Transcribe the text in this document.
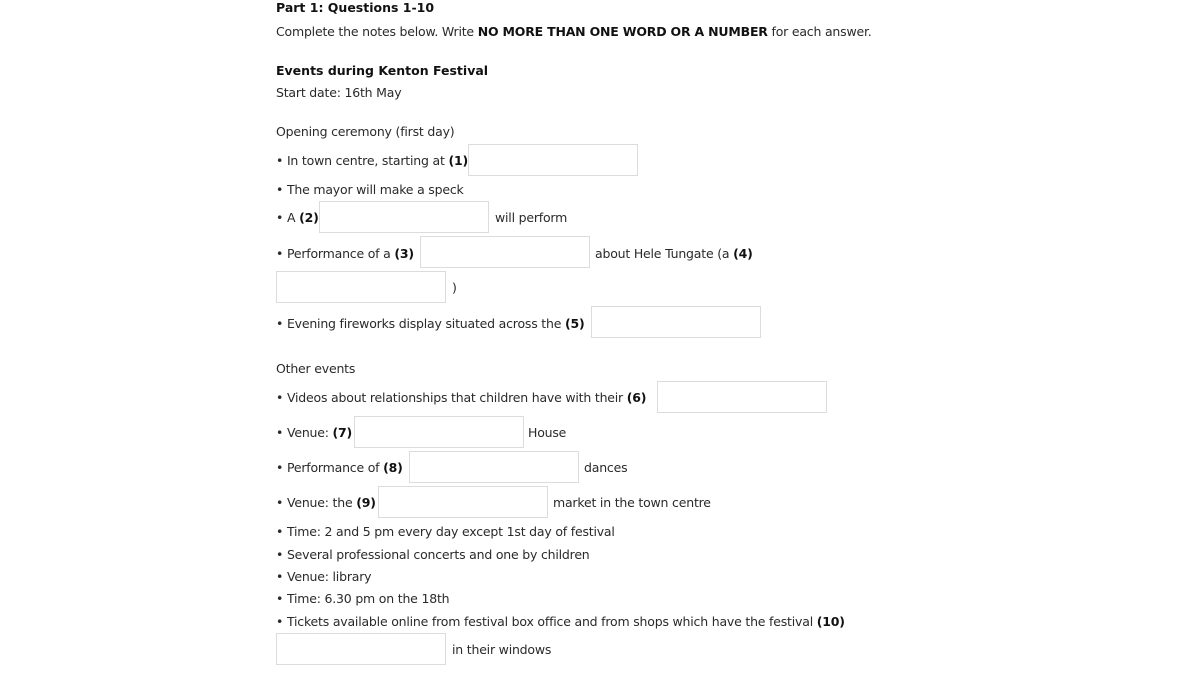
Part 1: Questions 1-10
Complete the notes below. Write NO MORE THAN ONE WORD OR A NUMBER for each answer.
Events during Kenton Festival
Start date: 16th May
Opening ceremony (first day)
• In town centre, starting at (1)
• The mayor will make a speck
• A (2)	will perform
• Performance of a (3)	about Hele Tungate (a (4)
)
• Evening fireworks display situated across the (5)
Other events
• Videos about relationships that children have with their (6)
• Venue: (7)	House
• Performance of (8)	dances
• Venue: the (9)	market in the town centre
• Time: 2 and 5 pm every day except 1st day of festival
• Several professional concerts and one by children
• Venue: library
• Time: 6.30 pm on the 18th
• Tickets available online from festival box office and from shops which have the festival (10)
in their windows
